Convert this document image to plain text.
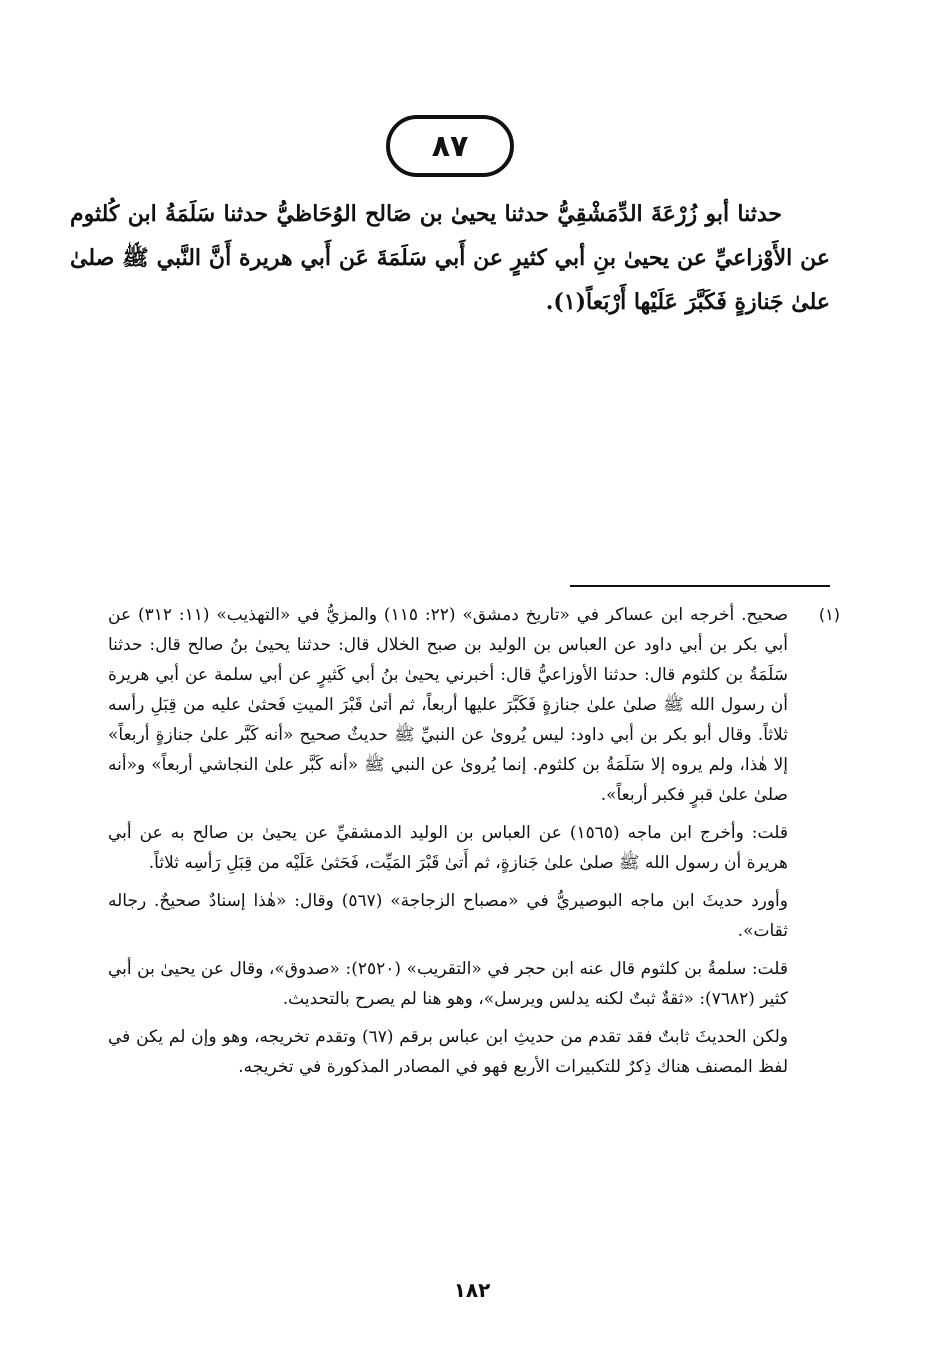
٨٧

حدثنا أبو زُرْعَةَ الدِّمَشْقِيُّ حدثنا يحيىٰ بن صَالح الوُحَاظيُّ حدثنا سَلَمَةُ ابن كُلثوم عن الأَوْزاعيِّ عن يحيىٰ بنِ أبي كثيرٍ عن أَبي سَلَمَةَ عَن أَبي هريرة أَنَّ النَّبي ﷺ صلىٰ علىٰ جَنازةٍ فَكَبَّرَ عَلَيْها أَرْبَعاً(١).

(١)

صحيح. أخرجه ابن عساكر في «تاريخ دمشق» (٢٢: ١١٥) والمزيُّ في «التهذيب» (١١: ٣١٢) عن أبي بكر بن أبي داود عن العباس بن الوليد بن صبح الخلال قال: حدثنا يحيىٰ بنُ صالح قال: حدثنا سَلَمَةُ بن كلثوم قال: حدثنا الأوزاعيُّ قال: أخبرني يحيىٰ بنُ أبي كَثيرٍ عن أبي سلمة عن أبي هريرة أن رسول الله ﷺ صلىٰ علىٰ جنازةٍ فَكَبَّرَ عليها أربعاً، ثم أتىٰ قَبْرَ الميتِ فَحثىٰ عليه من قِبَلِ رأسه ثلاثاً. وقال أبو بكر بن أبي داود: ليس يُروىٰ عن النبيِّ ﷺ حديثٌ صحيح «أنه كَبَّر علىٰ جنازةٍ أربعاً» إلا هٰذا، ولم يروه إلا سَلَمَةُ بن كلثوم. إنما يُروىٰ عن النبي ﷺ «أنه كَبَّر علىٰ النجاشي أربعاً» و«أنه صلىٰ علىٰ قبرٍ فكبر أربعاً».

قلت: وأخرج ابن ماجه (١٥٦٥) عن العباس بن الوليد الدمشقيِّ عن يحيىٰ بن صالح به عن أبي هريرة أن رسول الله ﷺ صلىٰ علىٰ جَنازةٍ، ثم أَتىٰ قَبْرَ المَيِّت، فَحَثىٰ عَلَيْه من قِبَلِ رَأسِه ثلاثاً.

وأورد حديثَ ابن ماجه البوصيريُّ في «مصباح الزجاجة» (٥٦٧) وقال: «هٰذا إسنادٌ صحيحٌ. رجاله ثقات».

قلت: سلمةُ بن كلثوم قال عنه ابن حجر في «التقريب» (٢٥٢٠): «صدوق»، وقال عن يحيىٰ بن أبي كثير (٧٦٨٢): «ثقةٌ ثبتٌ لكنه يدلس ويرسل»، وهو هنا لم يصرح بالتحديث.

ولكن الحديثَ ثابتٌ فقد تقدم من حديثِ ابن عباس برقم (٦٧) وتقدم تخريجه، وهو وإن لم يكن في لفظ المصنف هناك ذِكرٌ للتكبيرات الأربع فهو في المصادر المذكورة في تخريجه.

١٨٢
